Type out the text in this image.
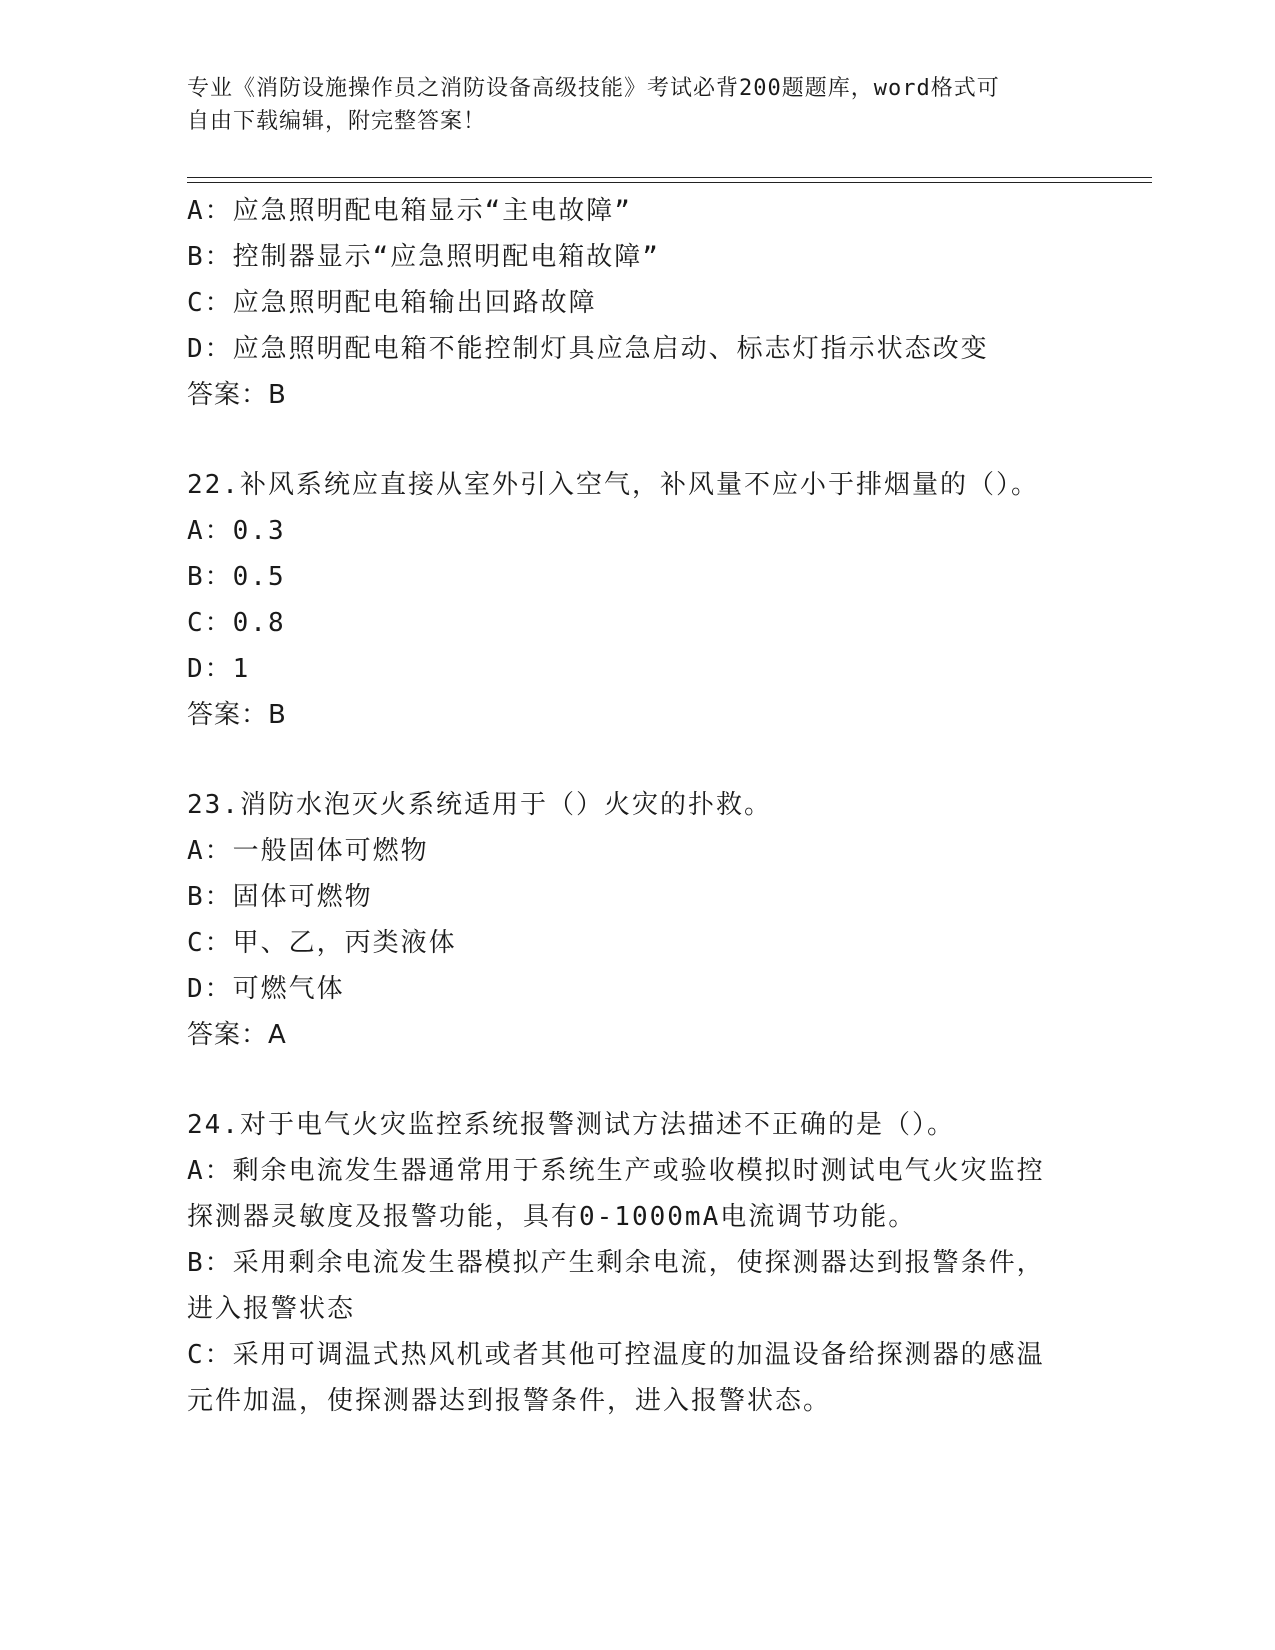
专业《消防设施操作员之消防设备高级技能》考试必背200题题库，word格式可
自由下载编辑，附完整答案！
A：应急照明配电箱显示“主电故障”
B：控制器显示“应急照明配电箱故障”
C：应急照明配电箱输出回路故障
D：应急照明配电箱不能控制灯具应急启动、标志灯指示状态改变
答案：B
22.补风系统应直接从室外引入空气，补风量不应小于排烟量的（）。
A：0.3
B：0.5
C：0.8
D：1
答案：B
23.消防水泡灭火系统适用于（）火灾的扑救。
A：一般固体可燃物
B：固体可燃物
C：甲、乙，丙类液体
D：可燃气体
答案：A
24.对于电气火灾监控系统报警测试方法描述不正确的是（）。
A：剩余电流发生器通常用于系统生产或验收模拟时测试电气火灾监控
探测器灵敏度及报警功能，具有0-1000mA电流调节功能。
B：采用剩余电流发生器模拟产生剩余电流，使探测器达到报警条件，
进入报警状态
C：采用可调温式热风机或者其他可控温度的加温设备给探测器的感温
元件加温，使探测器达到报警条件，进入报警状态。
